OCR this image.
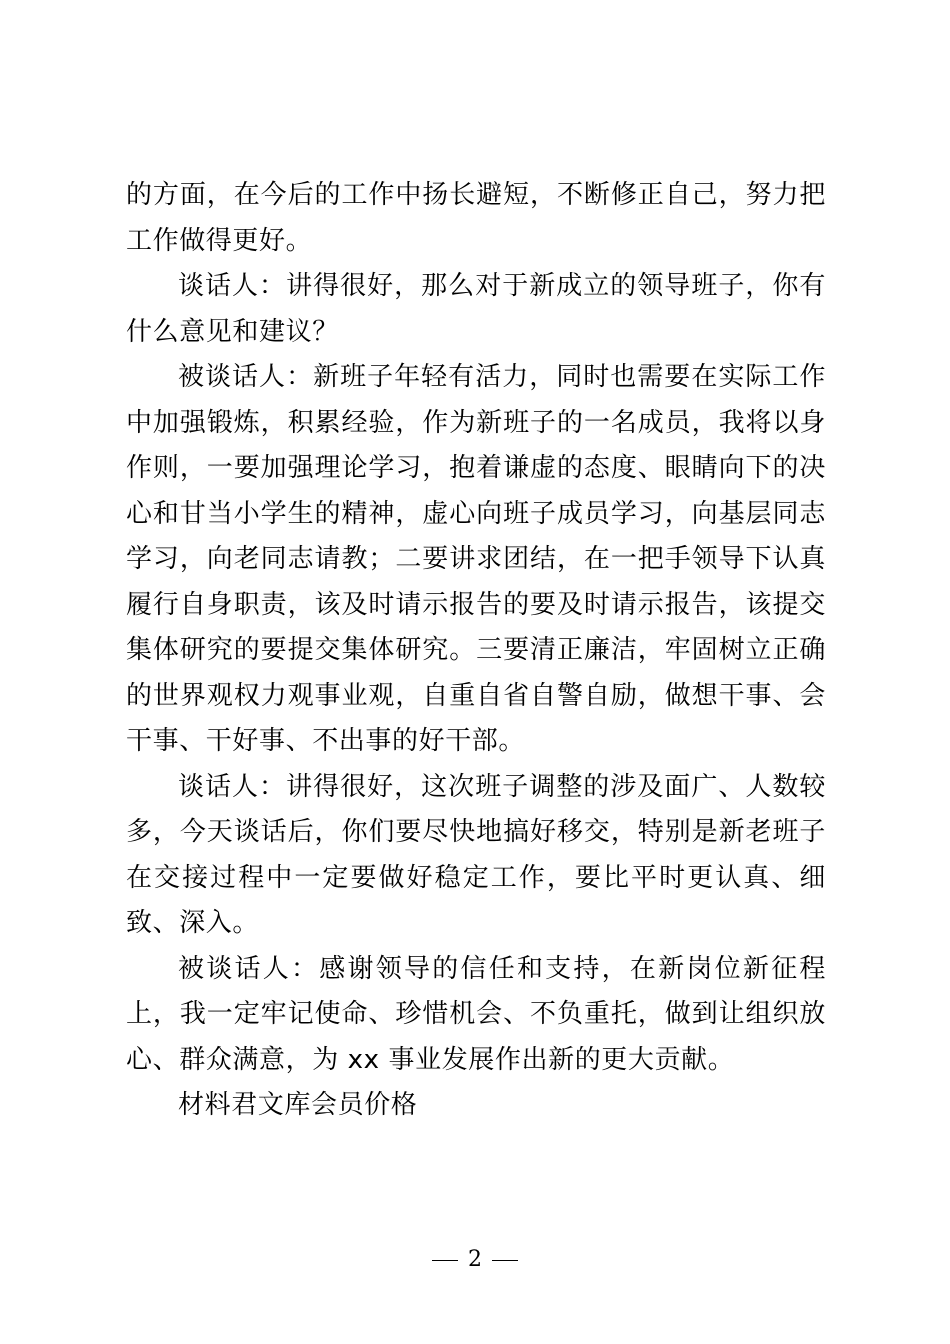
的方面，在今后的工作中扬长避短，不断修正自己，努力把工作做得更好。

谈话人：讲得很好，那么对于新成立的领导班子，你有什么意见和建议？

被谈话人：新班子年轻有活力，同时也需要在实际工作中加强锻炼，积累经验，作为新班子的一名成员，我将以身作则，一要加强理论学习，抱着谦虚的态度、眼睛向下的决心和甘当小学生的精神，虚心向班子成员学习，向基层同志学习，向老同志请教；二要讲求团结，在一把手领导下认真履行自身职责，该及时请示报告的要及时请示报告，该提交集体研究的要提交集体研究。三要清正廉洁，牢固树立正确的世界观权力观事业观，自重自省自警自励，做想干事、会干事、干好事、不出事的好干部。

谈话人：讲得很好，这次班子调整的涉及面广、人数较多，今天谈话后，你们要尽快地搞好移交，特别是新老班子在交接过程中一定要做好稳定工作，要比平时更认真、细致、深入。

被谈话人：感谢领导的信任和支持，在新岗位新征程上，我一定牢记使命、珍惜机会、不负重托，做到让组织放心、群众满意，为 xx 事业发展作出新的更大贡献。

材料君文库会员价格

2
